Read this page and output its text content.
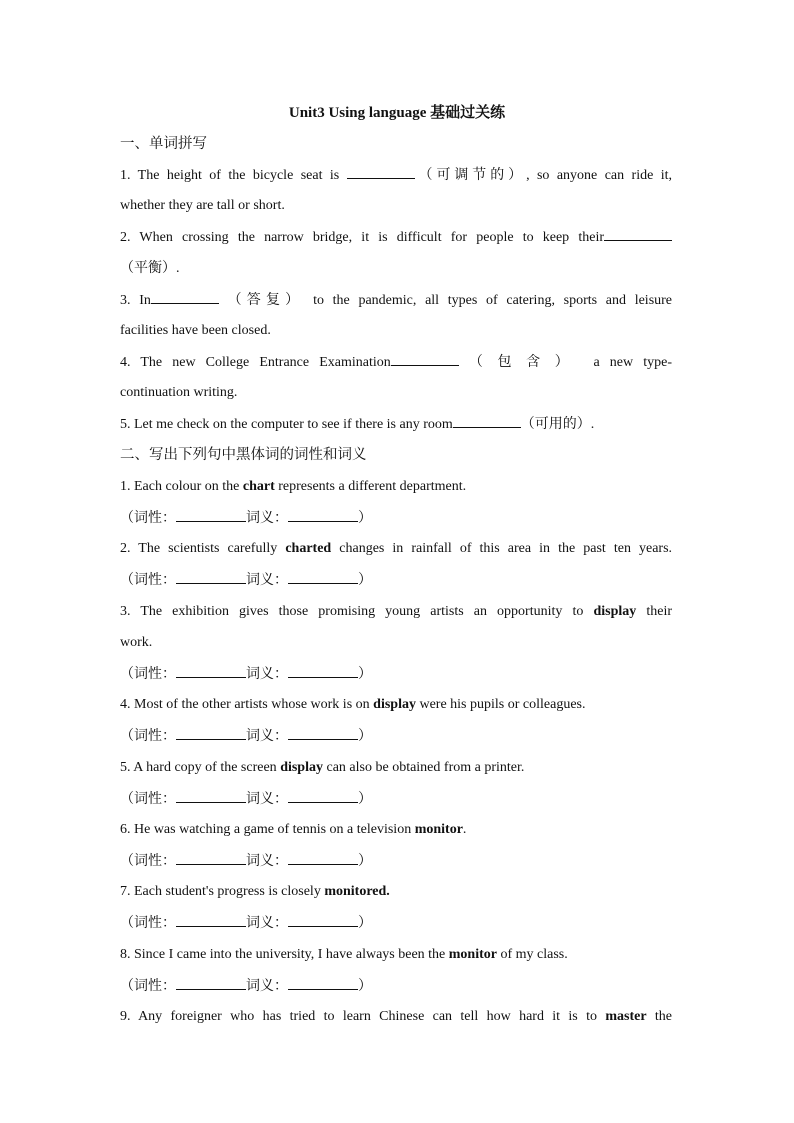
Unit3 Using language 基础过关练
一、单词拼写
1. The height of the bicycle seat is	（可调节的）, so anyone can ride it,
whether they are tall or short.
2. When crossing the narrow bridge, it is difficult for people to keep their
（平衡）.
3. In	（答复） to the pandemic, all types of catering, sports and leisure
facilities have been closed.
4. The new College Entrance Examination	（包含） a new type-
continuation writing.
5. Let me check on the computer to see if there is any room	（可用的）.
二、写出下列句中黑体词的词性和词义
1. Each colour on the chart represents a different department.
（词性：	词义：	）
2. The scientists carefully charted changes in rainfall of this area in the past ten years.
（词性：	词义：	）
3. The exhibition gives those promising young artists an opportunity to display their
work.
（词性：	词义：	）
4. Most of the other artists whose work is on display were his pupils or colleagues.
（词性：	词义：	）
5. A hard copy of the screen display can also be obtained from a printer.
（词性：	词义：	）
6. He was watching a game of tennis on a television monitor.
（词性：	词义：	）
7. Each student's progress is closely monitored.
（词性：	词义：	）
8. Since I came into the university, I have always been the monitor of my class.
（词性：	词义：	）
9. Any foreigner who has tried to learn Chinese can tell how hard it is to master the
